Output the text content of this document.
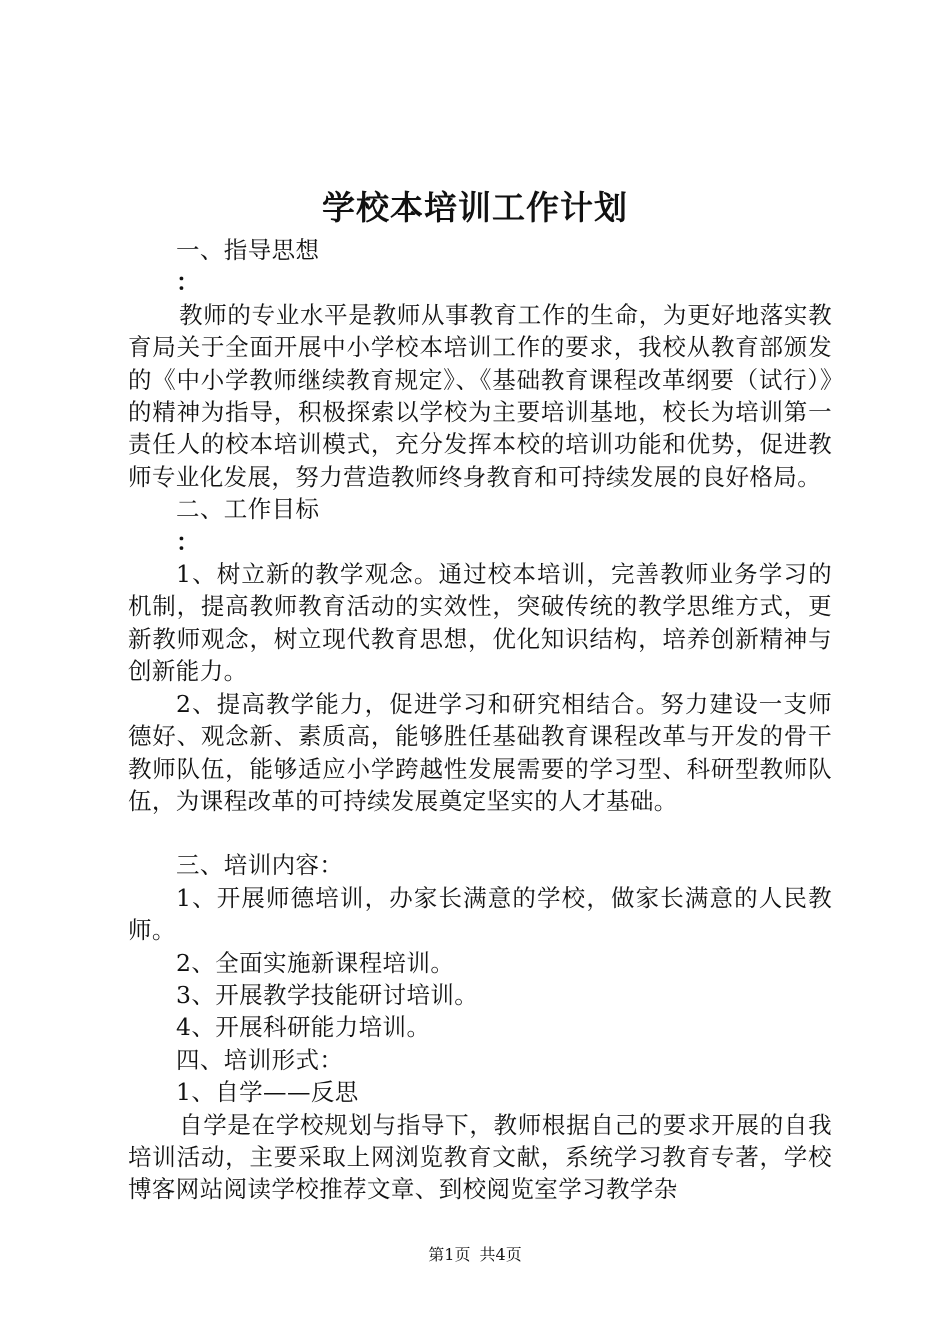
学校本培训工作计划

一、指导思想

：

教师的专业水平是教师从事教育工作的生命，为更好地落实教育局关于全面开展中小学校本培训工作的要求，我校从教育部颁发的《中小学教师继续教育规定》、《基础教育课程改革纲要（试行）》的精神为指导，积极探索以学校为主要培训基地，校长为培训第一责任人的校本培训模式，充分发挥本校的培训功能和优势，促进教师专业化发展，努力营造教师终身教育和可持续发展的良好格局。

二、工作目标

：

1、树立新的教学观念。通过校本培训，完善教师业务学习的机制，提高教师教育活动的实效性，突破传统的教学思维方式，更新教师观念，树立现代教育思想，优化知识结构，培养创新精神与创新能力。

2、提高教学能力，促进学习和研究相结合。努力建设一支师德好、观念新、素质高，能够胜任基础教育课程改革与开发的骨干教师队伍，能够适应小学跨越性发展需要的学习型、科研型教师队伍，为课程改革的可持续发展奠定坚实的人才基础。

三、培训内容：

1、开展师德培训，办家长满意的学校，做家长满意的人民教师。

2、全面实施新课程培训。

3、开展教学技能研讨培训。

4、开展科研能力培训。

四、培训形式：

1、自学——反思

自学是在学校规划与指导下，教师根据自己的要求开展的自我培训活动，主要采取上网浏览教育文献，系统学习教育专著，学校博客网站阅读学校推荐文章、到校阅览室学习教学杂

第1页 共4页
